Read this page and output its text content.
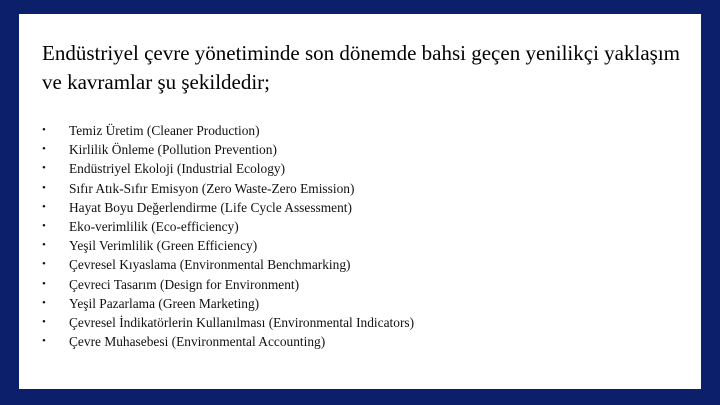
Endüstriyel çevre yönetiminde son dönemde bahsi geçen yenilikçi yaklaşım ve kavramlar şu şekildedir;
• Temiz Üretim (Cleaner Production)
• Kirlilik Önleme (Pollution Prevention)
• Endüstriyel Ekoloji (Industrial Ecology)
• Sıfır Atık-Sıfır Emisyon (Zero Waste-Zero Emission)
• Hayat Boyu Değerlendirme (Life Cycle Assessment)
• Eko-verimlilik (Eco-efficiency)
• Yeşil Verimlilik (Green Efficiency)
• Çevresel Kıyaslama (Environmental Benchmarking)
• Çevreci Tasarım (Design for Environment)
• Yeşil Pazarlama (Green Marketing)
• Çevresel İndikatörlerin Kullanılması (Environmental Indicators)
• Çevre Muhasebesi (Environmental Accounting)
